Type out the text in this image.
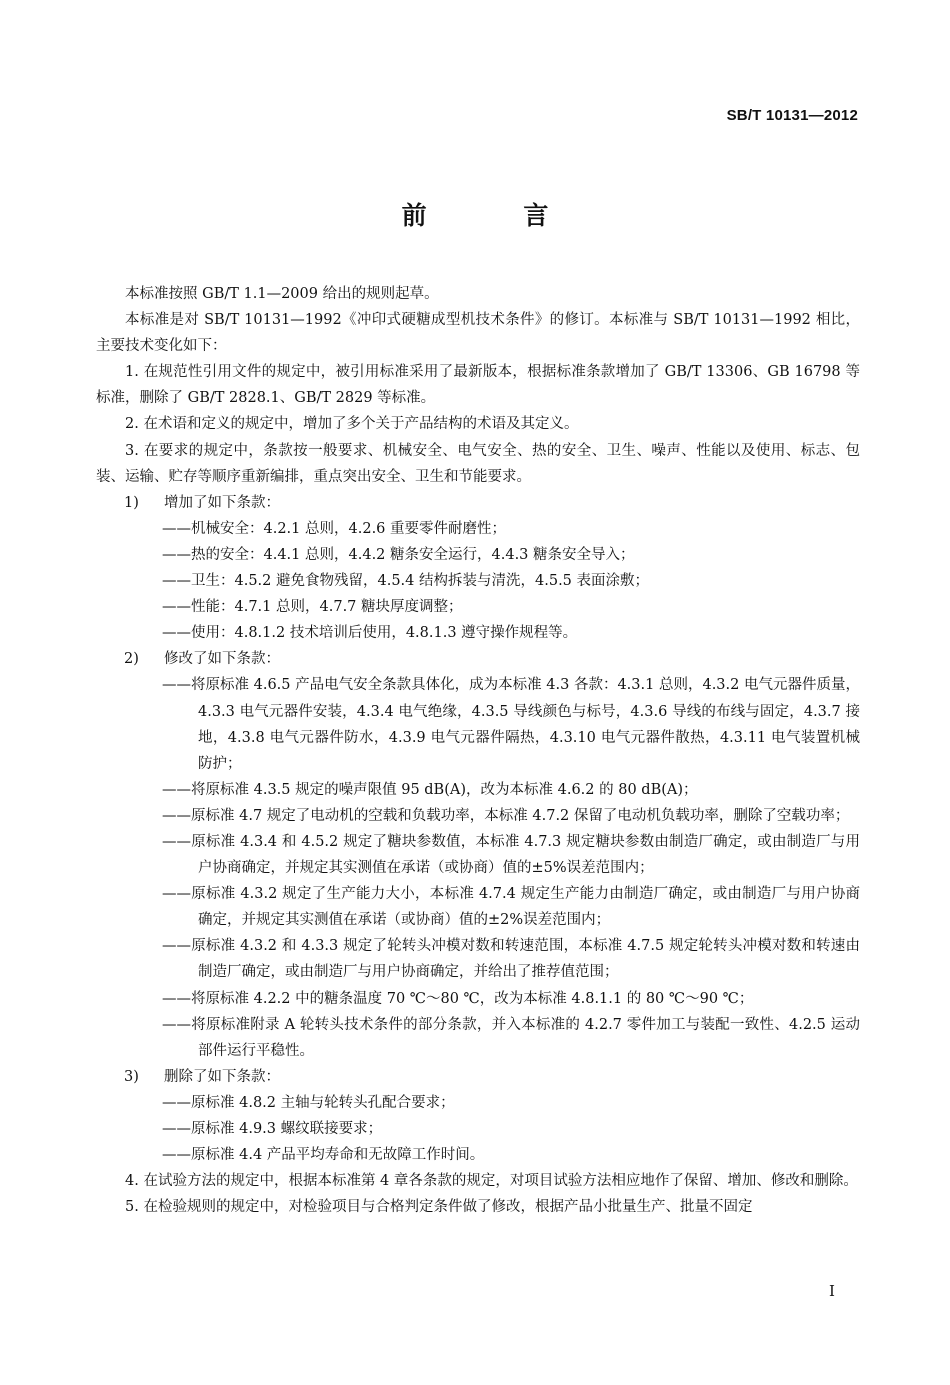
SB/T 10131—2012
前 言

本标准按照 GB/T 1.1—2009 给出的规则起草。

本标准是对 SB/T 10131—1992《冲印式硬糖成型机技术条件》的修订。本标准与 SB/T 10131—1992 相比，主要技术变化如下：

1. 在规范性引用文件的规定中，被引用标准采用了最新版本，根据标准条款增加了 GB/T 13306、GB 16798 等标准，删除了 GB/T 2828.1、GB/T 2829 等标准。

2. 在术语和定义的规定中，增加了多个关于产品结构的术语及其定义。

3. 在要求的规定中，条款按一般要求、机械安全、电气安全、热的安全、卫生、噪声、性能以及使用、标志、包装、运输、贮存等顺序重新编排，重点突出安全、卫生和节能要求。

1) 增加了如下条款：

——机械安全：4.2.1 总则，4.2.6 重要零件耐磨性；

——热的安全：4.4.1 总则，4.4.2 糖条安全运行，4.4.3 糖条安全导入；

——卫生：4.5.2 避免食物残留，4.5.4 结构拆装与清洗，4.5.5 表面涂敷；

——性能：4.7.1 总则，4.7.7 糖块厚度调整；

——使用：4.8.1.2 技术培训后使用，4.8.1.3 遵守操作规程等。

2) 修改了如下条款：

——将原标准 4.6.5 产品电气安全条款具体化，成为本标准 4.3 各款：4.3.1 总则，4.3.2 电气元器件质量，4.3.3 电气元器件安装，4.3.4 电气绝缘，4.3.5 导线颜色与标号，4.3.6 导线的布线与固定，4.3.7 接地，4.3.8 电气元器件防水，4.3.9 电气元器件隔热，4.3.10 电气元器件散热，4.3.11 电气装置机械防护；

——将原标准 4.3.5 规定的噪声限值 95 dB(A)，改为本标准 4.6.2 的 80 dB(A)；

——原标准 4.7 规定了电动机的空载和负载功率，本标准 4.7.2 保留了电动机负载功率，删除了空载功率；

——原标准 4.3.4 和 4.5.2 规定了糖块参数值，本标准 4.7.3 规定糖块参数由制造厂确定，或由制造厂与用户协商确定，并规定其实测值在承诺（或协商）值的±5%误差范围内；

——原标准 4.3.2 规定了生产能力大小，本标准 4.7.4 规定生产能力由制造厂确定，或由制造厂与用户协商确定，并规定其实测值在承诺（或协商）值的±2%误差范围内；

——原标准 4.3.2 和 4.3.3 规定了轮转头冲模对数和转速范围，本标准 4.7.5 规定轮转头冲模对数和转速由制造厂确定，或由制造厂与用户协商确定，并给出了推荐值范围；

——将原标准 4.2.2 中的糖条温度 70 ℃～80 ℃，改为本标准 4.8.1.1 的 80 ℃～90 ℃；

——将原标准附录 A 轮转头技术条件的部分条款，并入本标准的 4.2.7 零件加工与装配一致性、4.2.5 运动部件运行平稳性。

3) 删除了如下条款：

——原标准 4.8.2 主轴与轮转头孔配合要求；

——原标准 4.9.3 螺纹联接要求；

——原标准 4.4 产品平均寿命和无故障工作时间。

4. 在试验方法的规定中，根据本标准第 4 章各条款的规定，对项目试验方法相应地作了保留、增加、修改和删除。

5. 在检验规则的规定中，对检验项目与合格判定条件做了修改，根据产品小批量生产、批量不固定

I
